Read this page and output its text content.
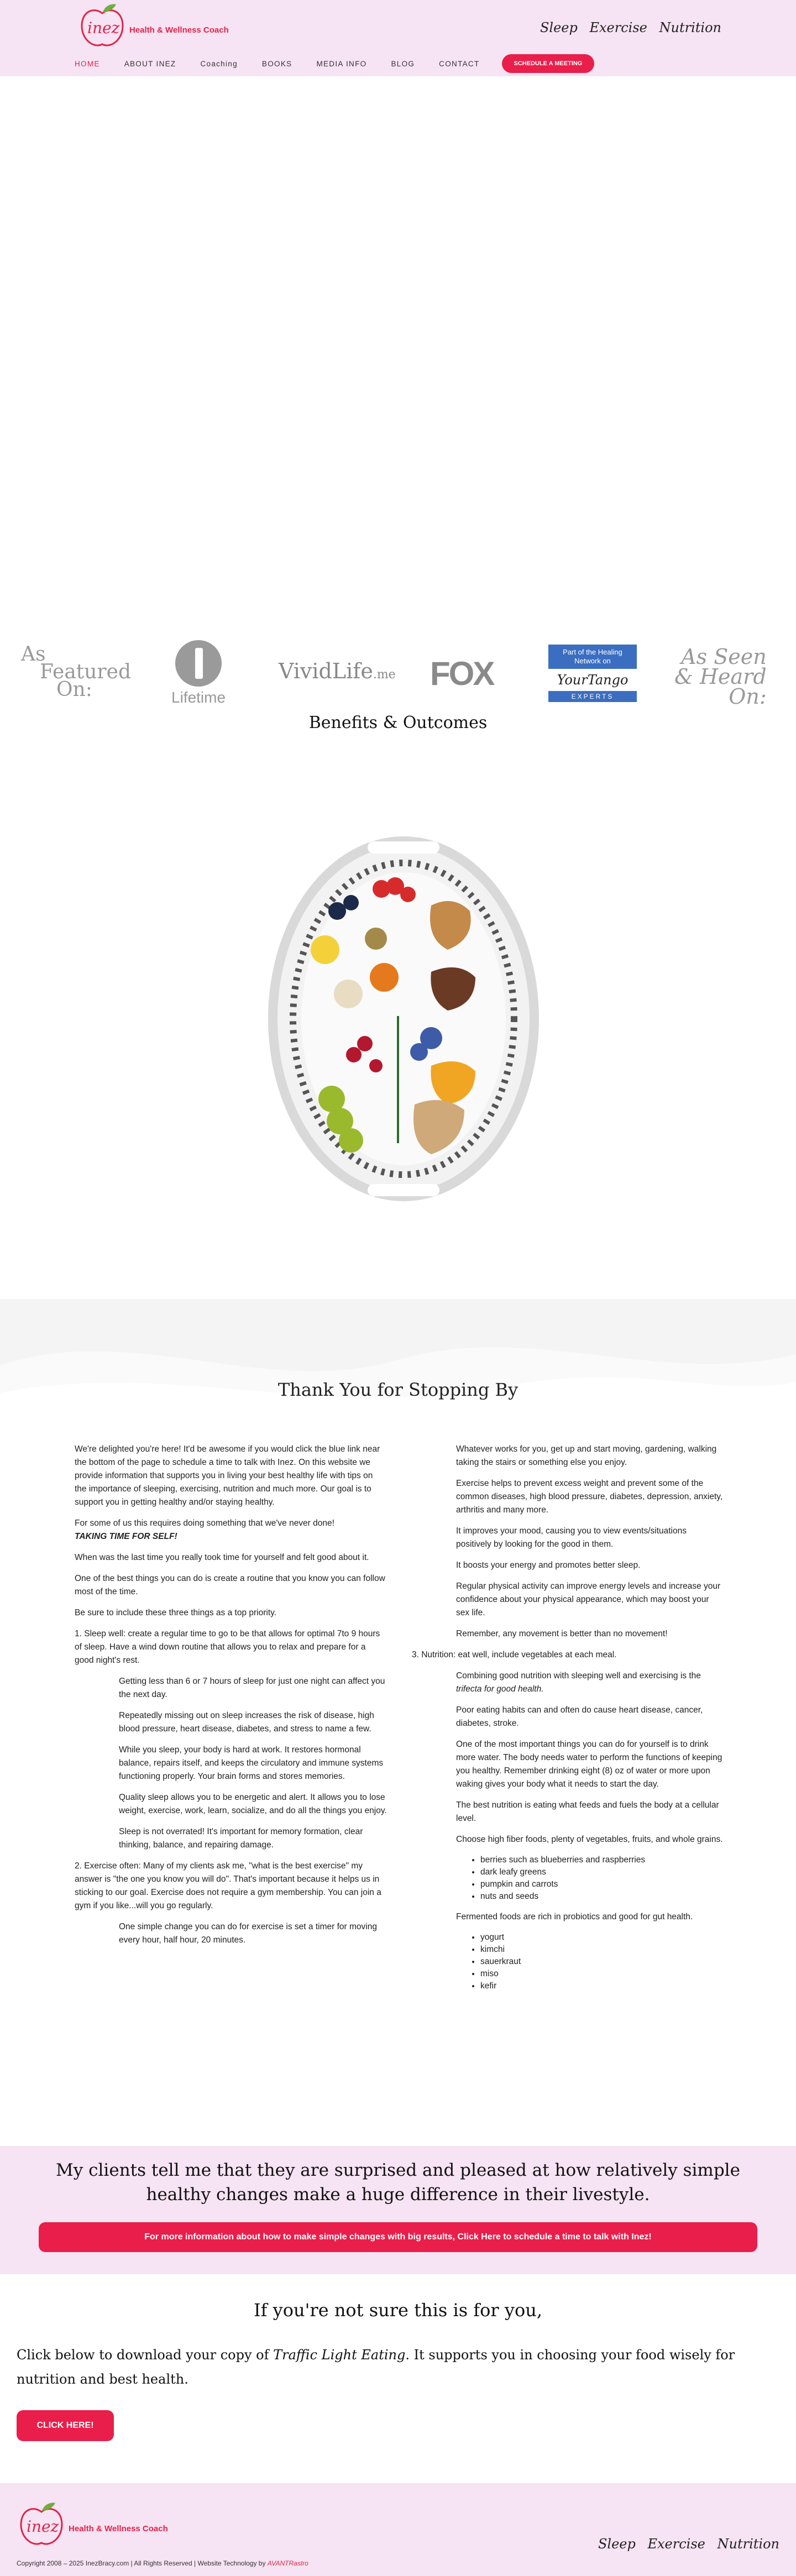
inez Health & Wellness Coach	Sleep Exercise Nutrition
HOME	ABOUT INEZ	Coaching	BOOKS	MEDIA INFO	BLOG	CONTACT	SCHEDULE A MEETING
As
Featured
On:	Lifetime
VividLife.me FOX
Part of the Healing Network on
YourTango
EXPERTS
As Seen
& Heard
On:
Benefits & Outcomes
Thank You for Stopping By

We're delighted you're here! It'd be awesome if you would click the blue link near the bottom of the page to schedule a time to talk with Inez. On this website we provide information that supports you in living your best healthy life with tips on the importance of sleeping, exercising, nutrition and much more. Our goal is to support you in getting healthy and/or staying healthy.

For some of us this requires doing something that we've never done!
TAKING TIME FOR SELF!

When was the last time you really took time for yourself and felt good about it.

One of the best things you can do is create a routine that you know you can follow most of the time.

Be sure to include these three things as a top priority.

1. Sleep well: create a regular time to go to be that allows for optimal 7to 9 hours of sleep. Have a wind down routine that allows you to relax and prepare for a good night's rest.

Getting less than 6 or 7 hours of sleep for just one night can affect you the next day.

Repeatedly missing out on sleep increases the risk of disease, high blood pressure, heart disease, diabetes, and stress to name a few.

While you sleep, your body is hard at work. It restores hormonal balance, repairs itself, and keeps the circulatory and immune systems functioning properly. Your brain forms and stores memories.

Quality sleep allows you to be energetic and alert. It allows you to lose weight, exercise, work, learn, socialize, and do all the things you enjoy.

Sleep is not overrated! It's important for memory formation, clear thinking, balance, and repairing damage.

2. Exercise often: Many of my clients ask me, "what is the best exercise" my answer is "the one you know you will do". That's important because it helps us in sticking to our goal. Exercise does not require a gym membership. You can join a gym if you like...will you go regularly.

One simple change you can do for exercise is set a timer for moving every hour, half hour, 20 minutes.

Whatever works for you, get up and start moving, gardening, walking taking the stairs or something else you enjoy.

Exercise helps to prevent excess weight and prevent some of the common diseases, high blood pressure, diabetes, depression, anxiety, arthritis and many more.

It improves your mood, causing you to view events/situations positively by looking for the good in them.

It boosts your energy and promotes better sleep.

Regular physical activity can improve energy levels and increase your confidence about your physical appearance, which may boost your sex life.

Remember, any movement is better than no movement!

3. Nutrition: eat well, include vegetables at each meal.

Combining good nutrition with sleeping well and exercising is the trifecta for good health.

Poor eating habits can and often do cause heart disease, cancer, diabetes, stroke.

One of the most important things you can do for yourself is to drink more water. The body needs water to perform the functions of keeping you healthy. Remember drinking eight (8) oz of water or more upon waking gives your body what it needs to start the day.

The best nutrition is eating what feeds and fuels the body at a cellular level.

Choose high fiber foods, plenty of vegetables, fruits, and whole grains.

• berries such as blueberries and raspberries
• dark leafy greens
• pumpkin and carrots
• nuts and seeds

Fermented foods are rich in probiotics and good for gut health.

• yogurt
• kimchi
• sauerkraut
• miso
• kefir
My clients tell me that they are surprised and pleased at how relatively simple healthy changes make a huge difference in their livestyle.
For more information about how to make simple changes with big results, Click Here to schedule a time to talk with Inez!
If you're not sure this is for you,
Click below to download your copy of Traffic Light Eating. It supports you in choosing your food wisely for nutrition and best health.
CLICK HERE!
inez Health & Wellness Coach
Sleep Exercise Nutrition
Copyright 2008 – 2025 InezBracy.com | All Rights Reserved | Website Technology by AVANTRastro
